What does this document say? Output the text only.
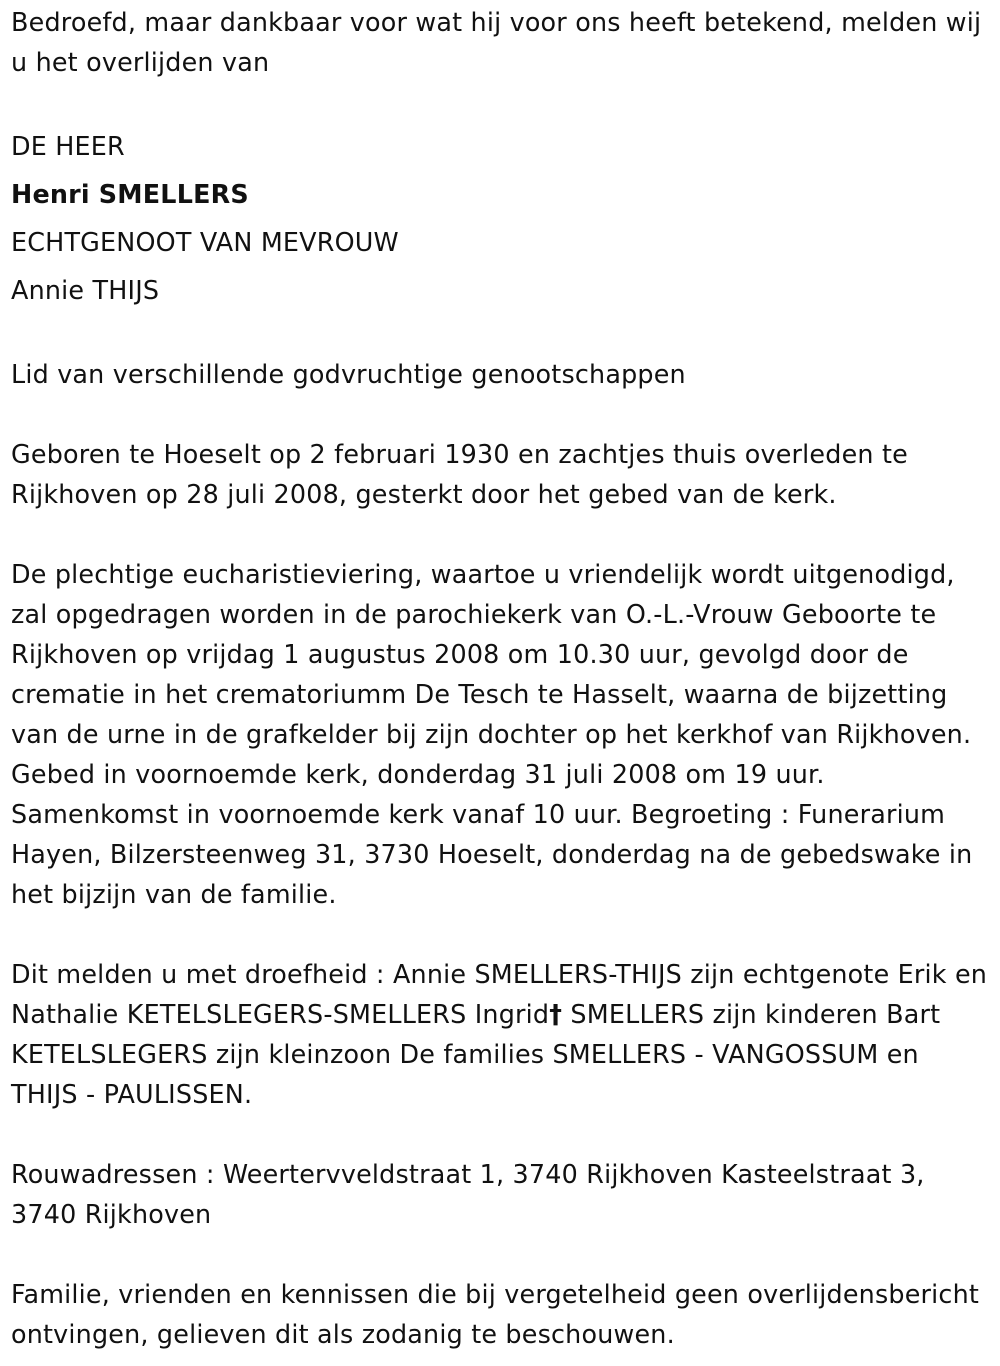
Bedroefd, maar dankbaar voor wat hij voor ons heeft betekend, melden wij u het overlijden van

DE HEER

Henri SMELLERS

ECHTGENOOT VAN MEVROUW

Annie THIJS

Lid van verschillende godvruchtige genootschappen

Geboren te Hoeselt op 2 februari 1930 en zachtjes thuis overleden te Rijkhoven op 28 juli 2008, gesterkt door het gebed van de kerk.

De plechtige eucharistieviering, waartoe u vriendelijk wordt uitgenodigd, zal opgedragen worden in de parochiekerk van O.-L.-Vrouw Geboorte te Rijkhoven op vrijdag 1 augustus 2008 om 10.30 uur, gevolgd door de crematie in het crematoriumm De Tesch te Hasselt, waarna de bijzetting van de urne in de grafkelder bij zijn dochter op het kerkhof van Rijkhoven. Gebed in voornoemde kerk, donderdag 31 juli 2008 om 19 uur. Samenkomst in voornoemde kerk vanaf 10 uur. Begroeting : Funerarium Hayen, Bilzersteenweg 31, 3730 Hoeselt, donderdag na de gebedswake in het bijzijn van de familie.

Dit melden u met droefheid : Annie SMELLERS-THIJS zijn echtgenote Erik en Nathalie KETELSLEGERS-SMELLERS Ingrid† SMELLERS zijn kinderen Bart KETELSLEGERS zijn kleinzoon De families SMELLERS - VANGOSSUM en THIJS - PAULISSEN.

Rouwadressen : Weertervveldstraat 1, 3740 Rijkhoven Kasteelstraat 3, 3740 Rijkhoven

Familie, vrienden en kennissen die bij vergetelheid geen overlijdensbericht ontvingen, gelieven dit als zodanig te beschouwen.
